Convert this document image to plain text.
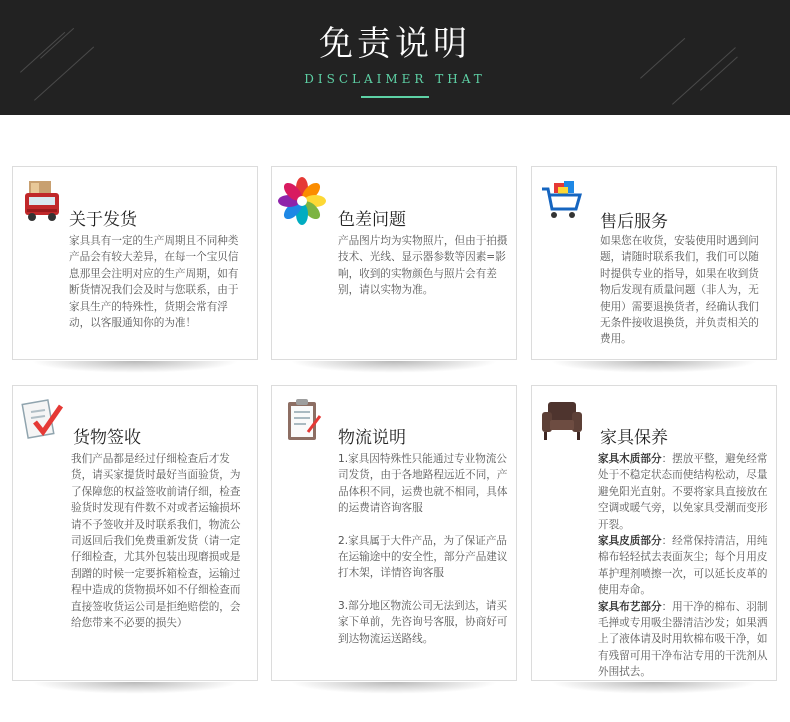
免责说明
DISCLAIMER THAT
关于发货

家具具有一定的生产周期且不同种类产品会有较大差异，在每一个宝贝信息那里会注明对应的生产周期，如有断货情况我们会及时与您联系，由于家具生产的特殊性，货期会常有浮动，以客服通知你的为准！

色差问题

产品图片均为实物照片，但由于拍摄技术、光线、显示器参数等因素=影响，收到的实物颜色与照片会有差别，请以实物为准。

售后服务

如果您在收货，安装使用时遇到问题，请随时联系我们，我们可以随时提供专业的指导，如果在收到货物后发现有质量问题（非人为，无使用）需要退换货者，经确认我们无条件接收退换货，并负责相关的费用。

货物签收

我们产品都是经过仔细检查后才发货，请买家提货时最好当面验货，为了保障您的权益签收前请仔细，检查验货时发现有件数不对或者运输损坏请不予签收并及时联系我们，物流公司返回后我们免费重新发货（请一定仔细检查，尤其外包装出现磨损或是刮蹭的时候一定要拆箱检查，运输过程中造成的货物损坏如不仔细检查而直接签收货运公司是拒绝赔偿的，会给您带来不必要的损失）

物流说明

1.家具因特殊性只能通过专业物流公司发货，由于各地路程远近不同，产品体积不同，运费也就不相同，具体的运费请咨询客服

2.家具属于大件产品，为了保证产品在运输途中的安全性，部分产品建议打木架，详情咨询客服

3.部分地区物流公司无法到达，请买家下单前，先咨询号客服，协商好可到达物流运送路线。

家具保养

家具木质部分：摆放平整，避免经常处于不稳定状态而使结构松动，尽量避免阳光直射。不要将家具直接放在空调或暖气旁，以免家具受潮而变形开裂。

家具皮质部分：经常保持清洁，用纯棉布轻轻拭去表面灰尘；每个月用皮革护理剂喷擦一次，可以延长皮革的使用寿命。

家具布艺部分：用干净的棉布、羽制毛掸或专用吸尘器清洁沙发；如果洒上了液体请及时用软棉布吸干净，如有残留可用干净布沾专用的干洗剂从外围拭去。
